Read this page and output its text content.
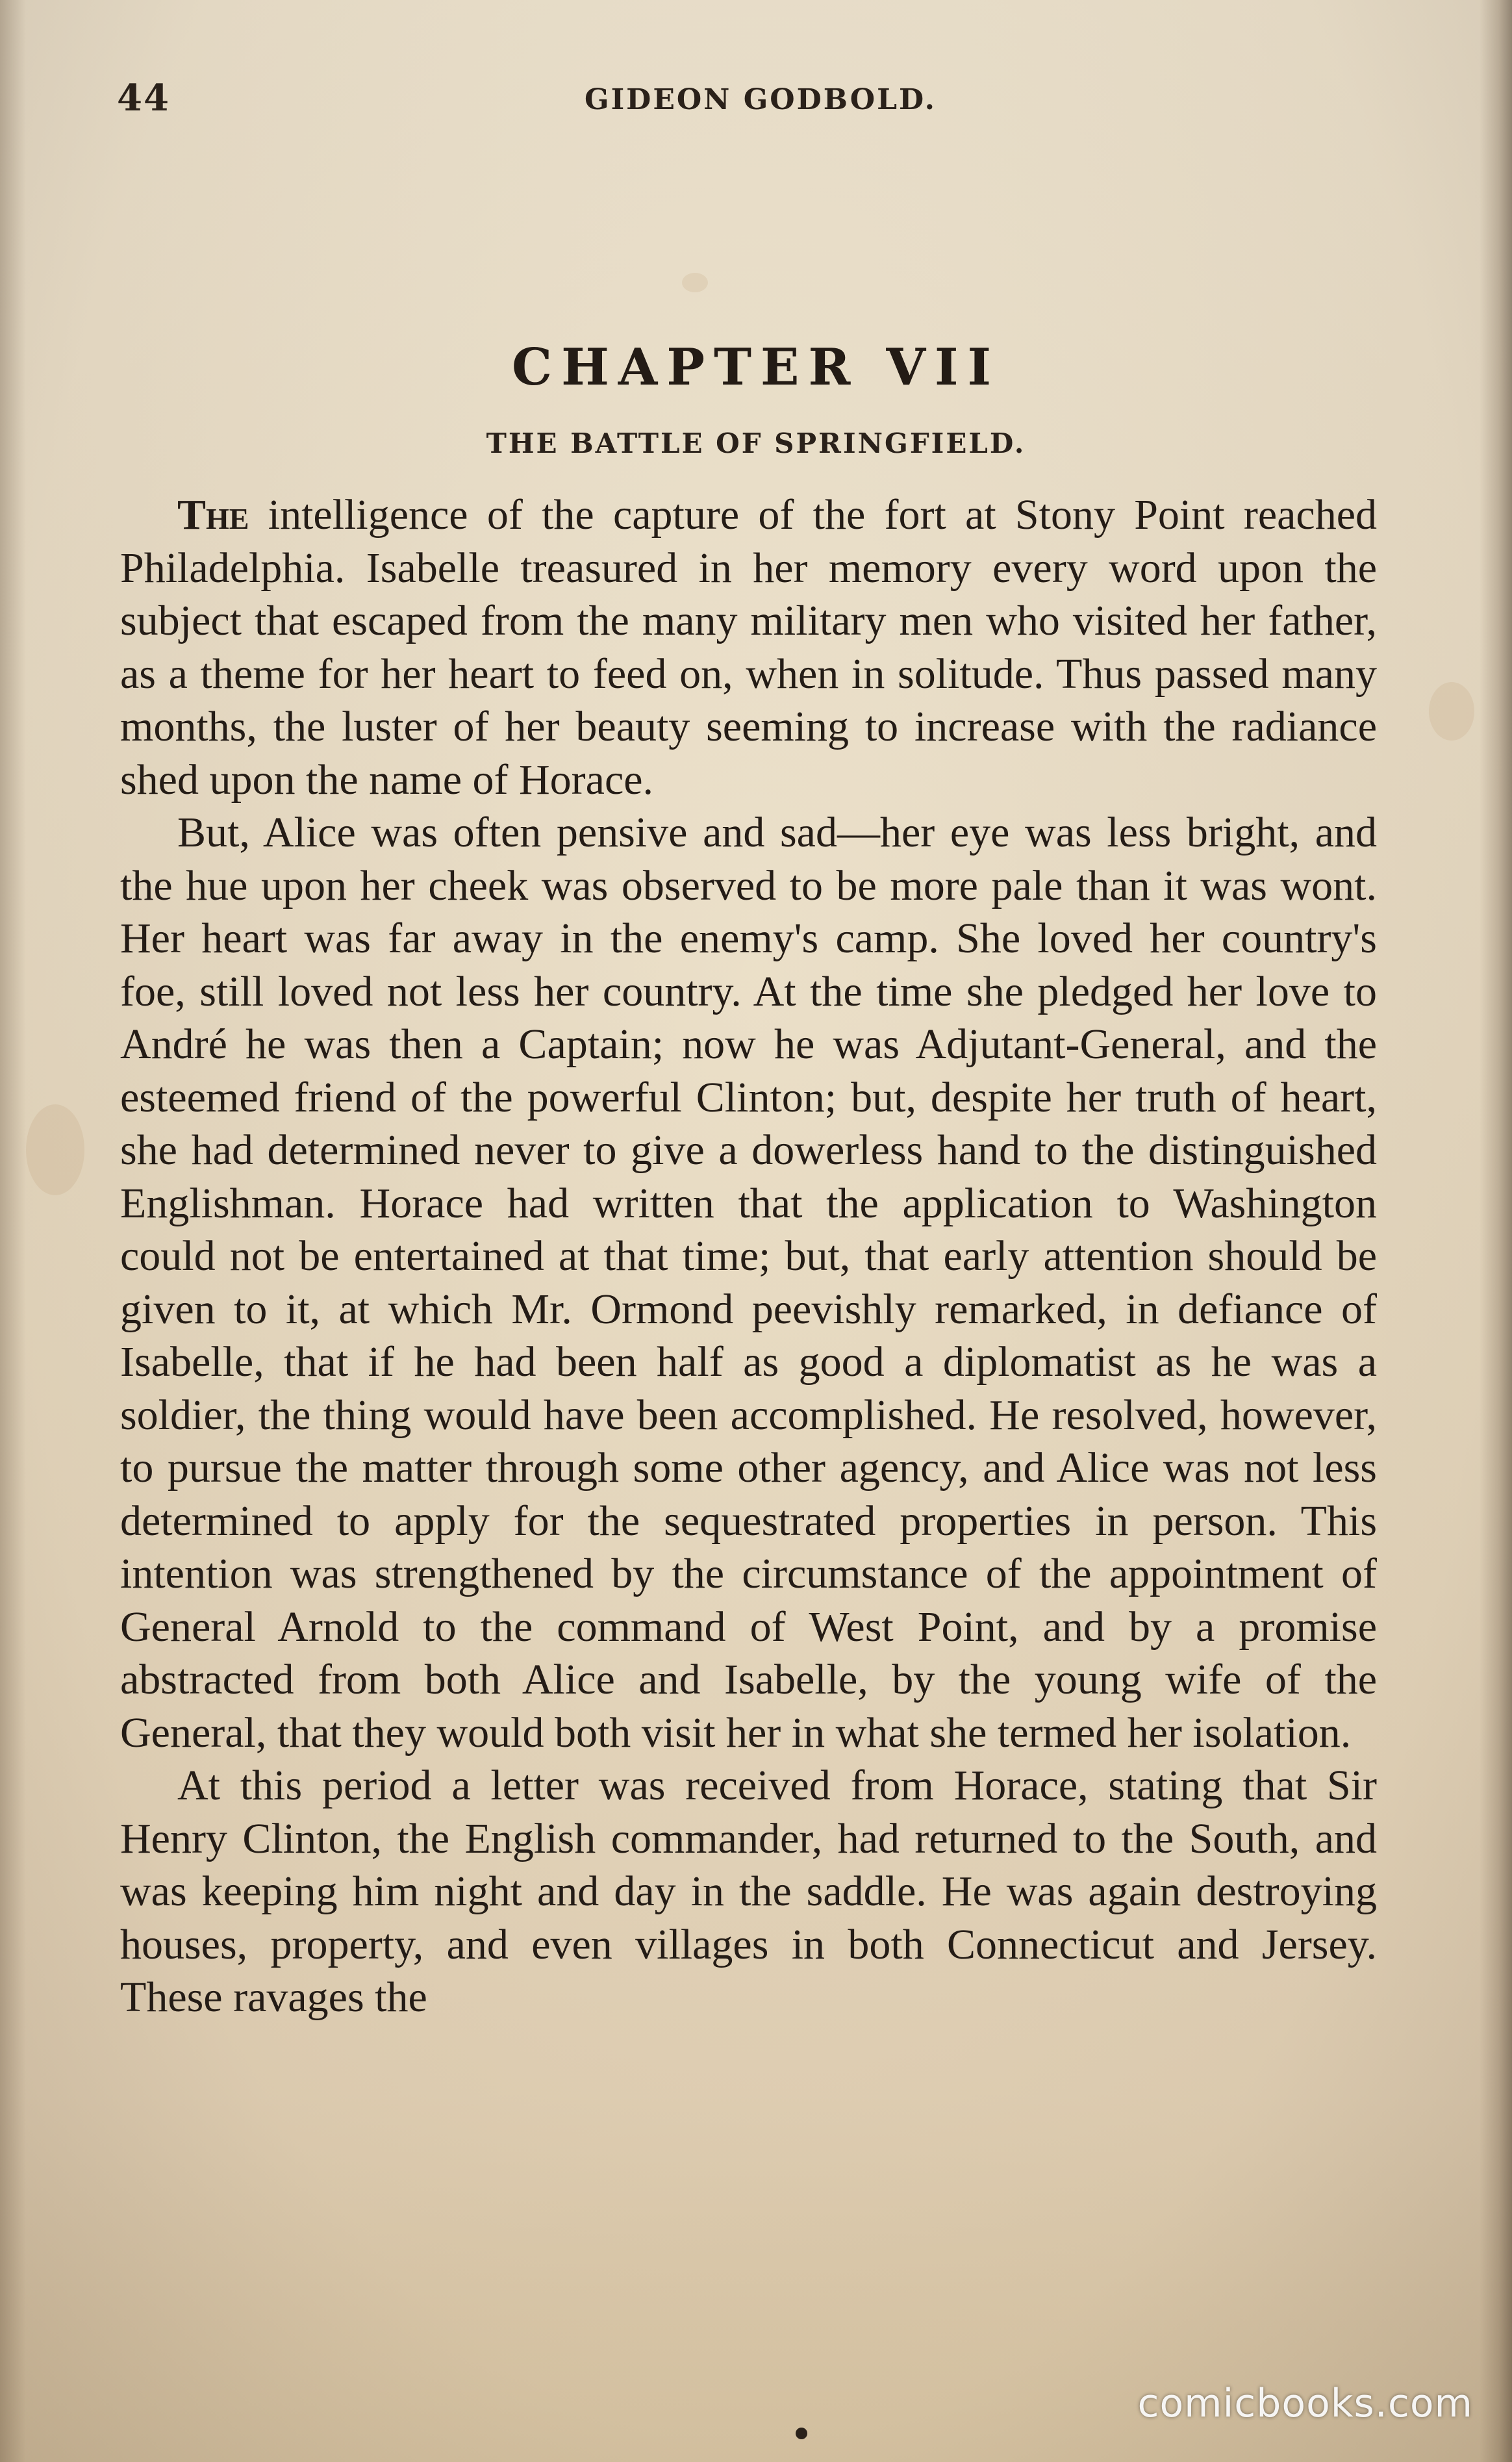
44	GIDEON GODBOLD.
CHAPTER VII
THE BATTLE OF SPRINGFIELD.

The intelligence of the capture of the fort at Stony Point reached Philadelphia. Isabelle treasured in her memory every word upon the subject that escaped from the many military men who visited her father, as a theme for her heart to feed on, when in solitude. Thus passed many months, the luster of her beauty seeming to increase with the radiance shed upon the name of Horace.

But, Alice was often pensive and sad—her eye was less bright, and the hue upon her cheek was observed to be more pale than it was wont. Her heart was far away in the enemy's camp. She loved her country's foe, still loved not less her country. At the time she pledged her love to André he was then a Captain; now he was Adjutant-General, and the esteemed friend of the powerful Clinton; but, despite her truth of heart, she had determined never to give a dowerless hand to the distinguished Englishman. Horace had written that the application to Washington could not be entertained at that time; but, that early attention should be given to it, at which Mr. Ormond peevishly remarked, in defiance of Isabelle, that if he had been half as good a diplomatist as he was a soldier, the thing would have been accomplished. He resolved, however, to pursue the matter through some other agency, and Alice was not less determined to apply for the sequestrated properties in person. This intention was strengthened by the circumstance of the appointment of General Arnold to the command of West Point, and by a promise abstracted from both Alice and Isabelle, by the young wife of the General, that they would both visit her in what she termed her isolation.

At this period a letter was received from Horace, stating that Sir Henry Clinton, the English commander, had returned to the South, and was keeping him night and day in the saddle. He was again destroying houses, property, and even villages in both Connecticut and Jersey. These ravages the

comicbooks.com
